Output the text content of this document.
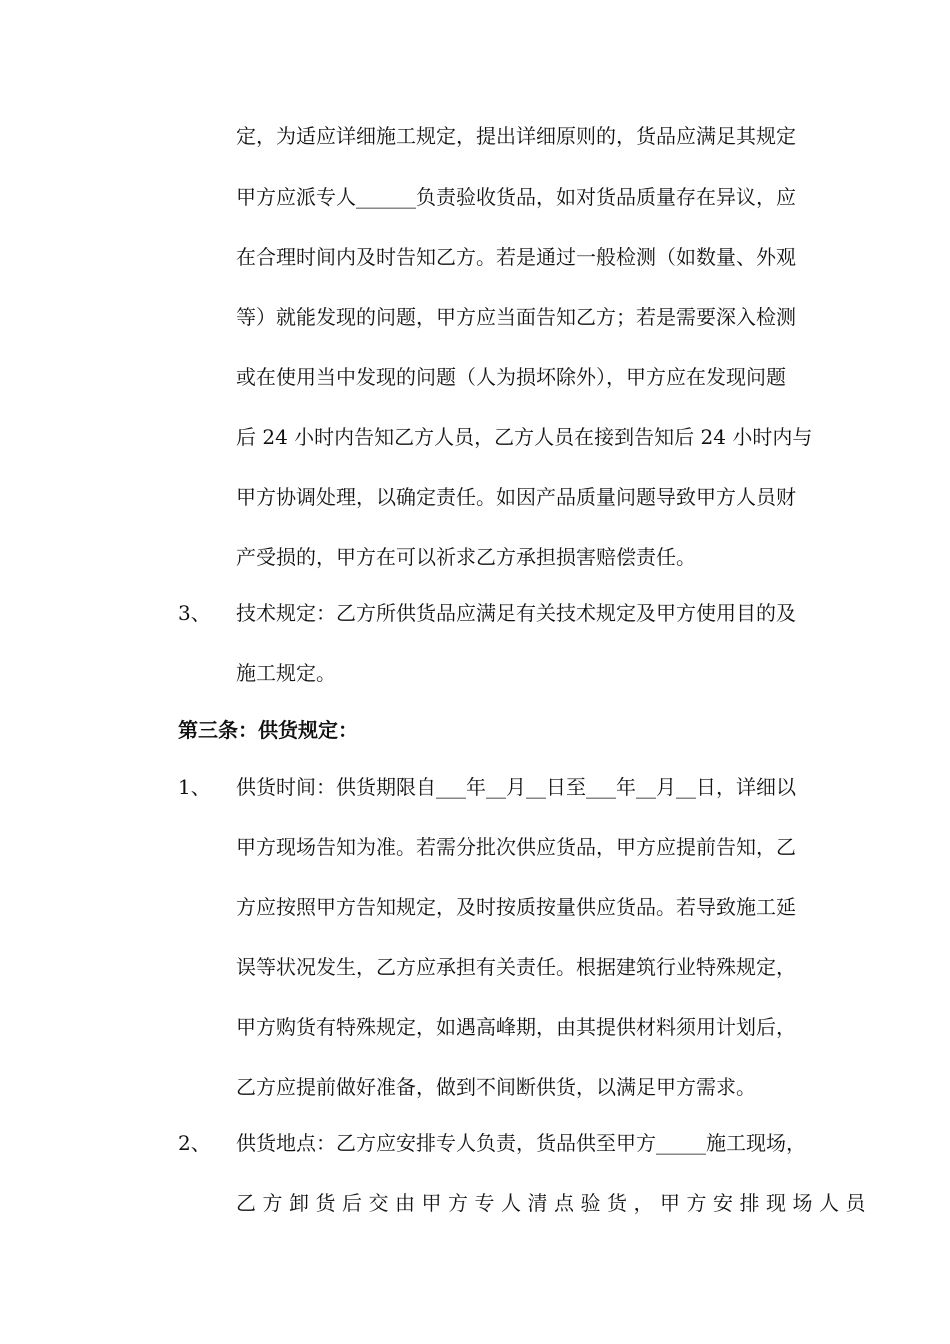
定，为适应详细施工规定，提出详细原则的，货品应满足其规定
甲方应派专人______负责验收货品，如对货品质量存在异议，应
在合理时间内及时告知乙方。若是通过一般检测（如数量、外观
等）就能发现的问题，甲方应当面告知乙方；若是需要深入检测
或在使用当中发现的问题（人为损坏除外），甲方应在发现问题
后 24 小时内告知乙方人员，乙方人员在接到告知后 24 小时内与
甲方协调处理，以确定责任。如因产品质量问题导致甲方人员财
产受损的，甲方在可以祈求乙方承担损害赔偿责任。
3、 技术规定：乙方所供货品应满足有关技术规定及甲方使用目的及
施工规定。
第三条：供货规定：
1、 供货时间：供货期限自___年__月__日至___年__月__日，详细以
甲方现场告知为准。若需分批次供应货品，甲方应提前告知，乙
方应按照甲方告知规定，及时按质按量供应货品。若导致施工延
误等状况发生，乙方应承担有关责任。根据建筑行业特殊规定，
甲方购货有特殊规定，如遇高峰期，由其提供材料须用计划后，
乙方应提前做好准备，做到不间断供货，以满足甲方需求。
2、 供货地点：乙方应安排专人负责，货品供至甲方_____施工现场，
乙方卸货后交由甲方专人清点验货，甲方安排现场人员
